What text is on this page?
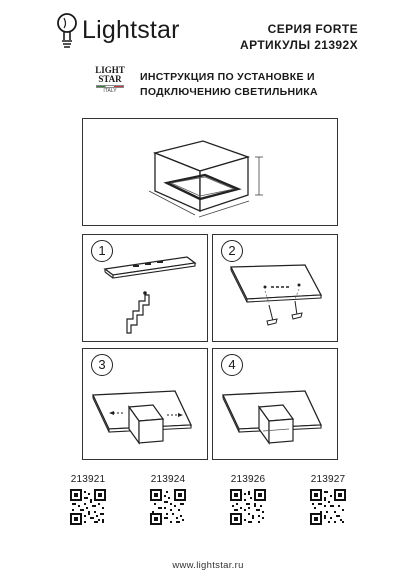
Lightstar	СЕРИЯ FORTE
АРТИКУЛЫ 21392X
LIGHT
STAR
ITALY
ИНСТРУКЦИЯ ПО УСТАНОВКЕ И
ПОДКЛЮЧЕНИЮ СВЕТИЛЬНИКА
1	2
3	4
213921	213924	213926	213927
www.lightstar.ru
